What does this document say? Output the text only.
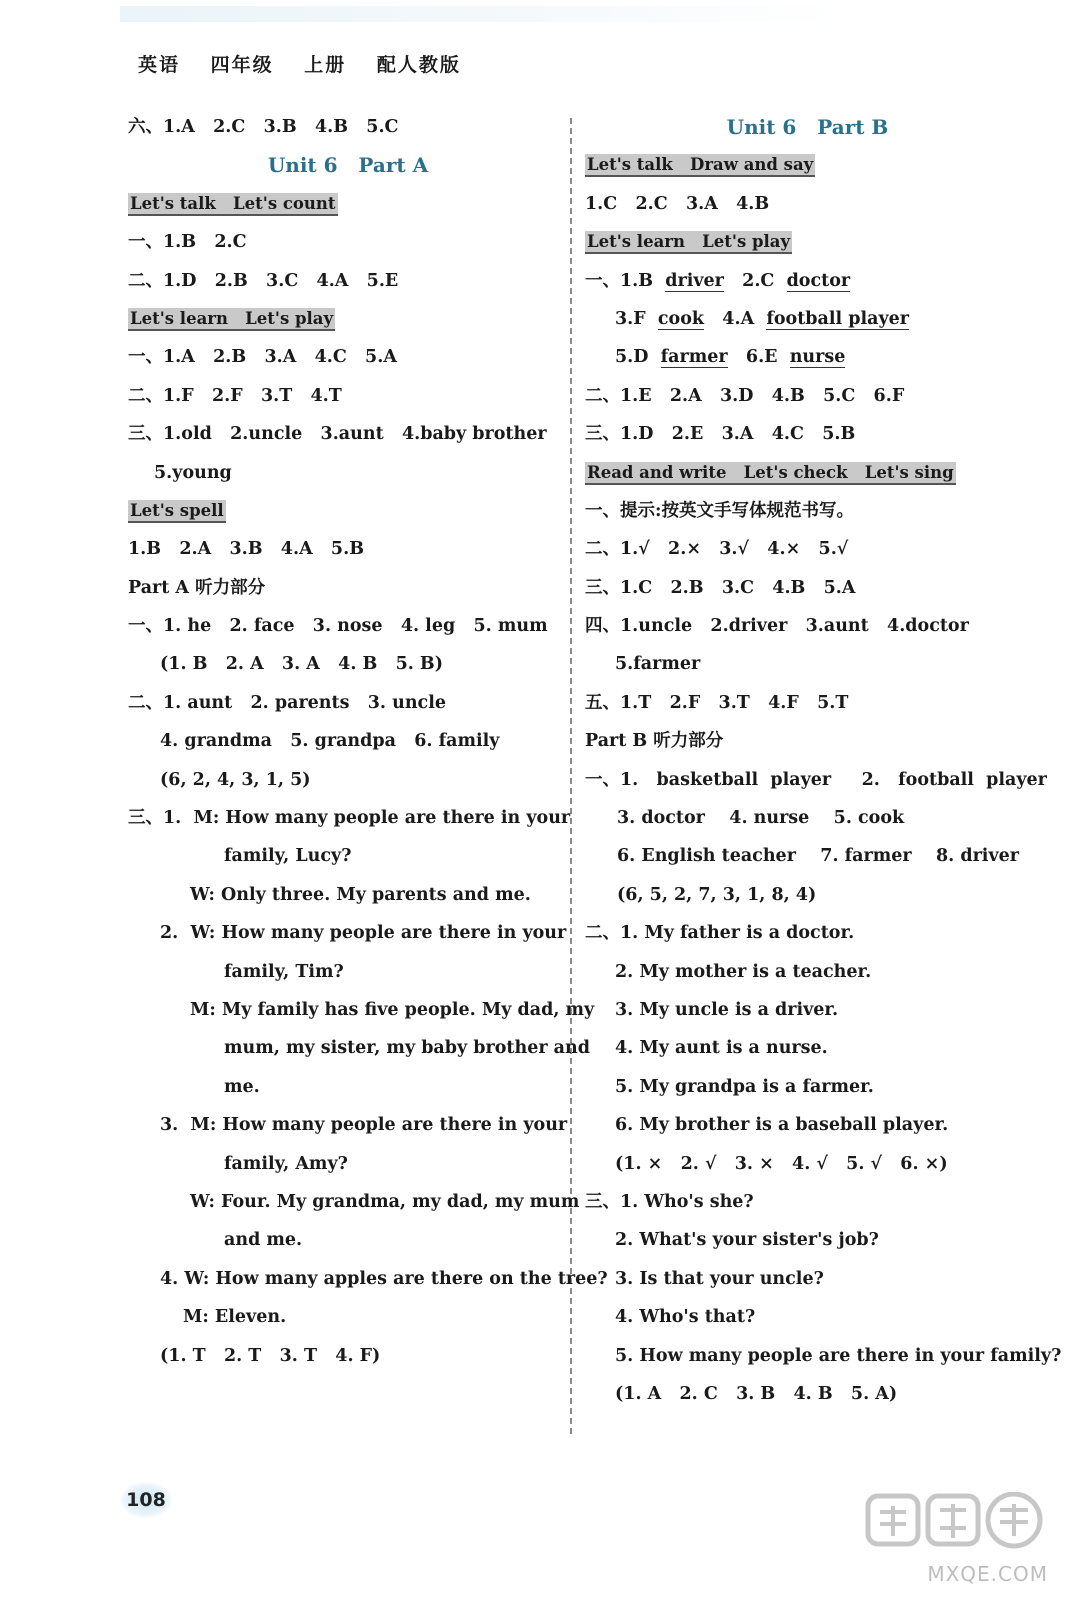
英语 四年级 上册 配人教版
六、1.A   2.C   3.B   4.B   5.C
Unit 6   Part A
Let's talk   Let's count
一、1.B   2.C
二、1.D   2.B   3.C   4.A   5.E
Let's learn   Let's play
一、1.A   2.B   3.A   4.C   5.A
二、1.F   2.F   3.T   4.T
三、1.old   2.uncle   3.aunt   4.baby brother
5.young
Let's spell
1.B   2.A   3.B   4.A   5.B
Part A 听力部分
一、1. he   2. face   3. nose   4. leg   5. mum
(1. B   2. A   3. A   4. B   5. B)
二、1. aunt   2. parents   3. uncle
4. grandma   5. grandpa   6. family
(6, 2, 4, 3, 1, 5)
三、1.  M: How many people are there in your
family, Lucy?
W: Only three. My parents and me.
2.  W: How many people are there in your
family, Tim?
M: My family has five people. My dad, my
mum, my sister, my baby brother and
me.
3.  M: How many people are there in your
family, Amy?
W: Four. My grandma, my dad, my mum
and me.
4. W: How many apples are there on the tree?
M: Eleven.
(1. T   2. T   3. T   4. F)
Unit 6   Part B
Let's talk   Draw and say
1.C   2.C   3.A   4.B
Let's learn   Let's play
一、1.B  driver   2.C  doctor
3.F  cook   4.A  football player
5.D  farmer   6.E  nurse
二、1.E   2.A   3.D   4.B   5.C   6.F
三、1.D   2.E   3.A   4.C   5.B
Read and write   Let's check   Let's sing
一、提示:按英文手写体规范书写。
二、1.√   2.×   3.√   4.×   5.√
三、1.C   2.B   3.C   4.B   5.A
四、1.uncle   2.driver   3.aunt   4.doctor
5.farmer
五、1.T   2.F   3.T   4.F   5.T
Part B 听力部分
一、1.   basketball  player     2.   football  player
3. doctor    4. nurse    5. cook
6. English teacher    7. farmer    8. driver
(6, 5, 2, 7, 3, 1, 8, 4)
二、1. My father is a doctor.
2. My mother is a teacher.
3. My uncle is a driver.
4. My aunt is a nurse.
5. My grandpa is a farmer.
6. My brother is a baseball player.
(1. ×   2. √   3. ×   4. √   5. √   6. ×)
三、1. Who's she?
2. What's your sister's job?
3. Is that your uncle?
4. Who's that?
5. How many people are there in your family?
(1. A   2. C   3. B   4. B   5. A)
108
MXQE.COM
